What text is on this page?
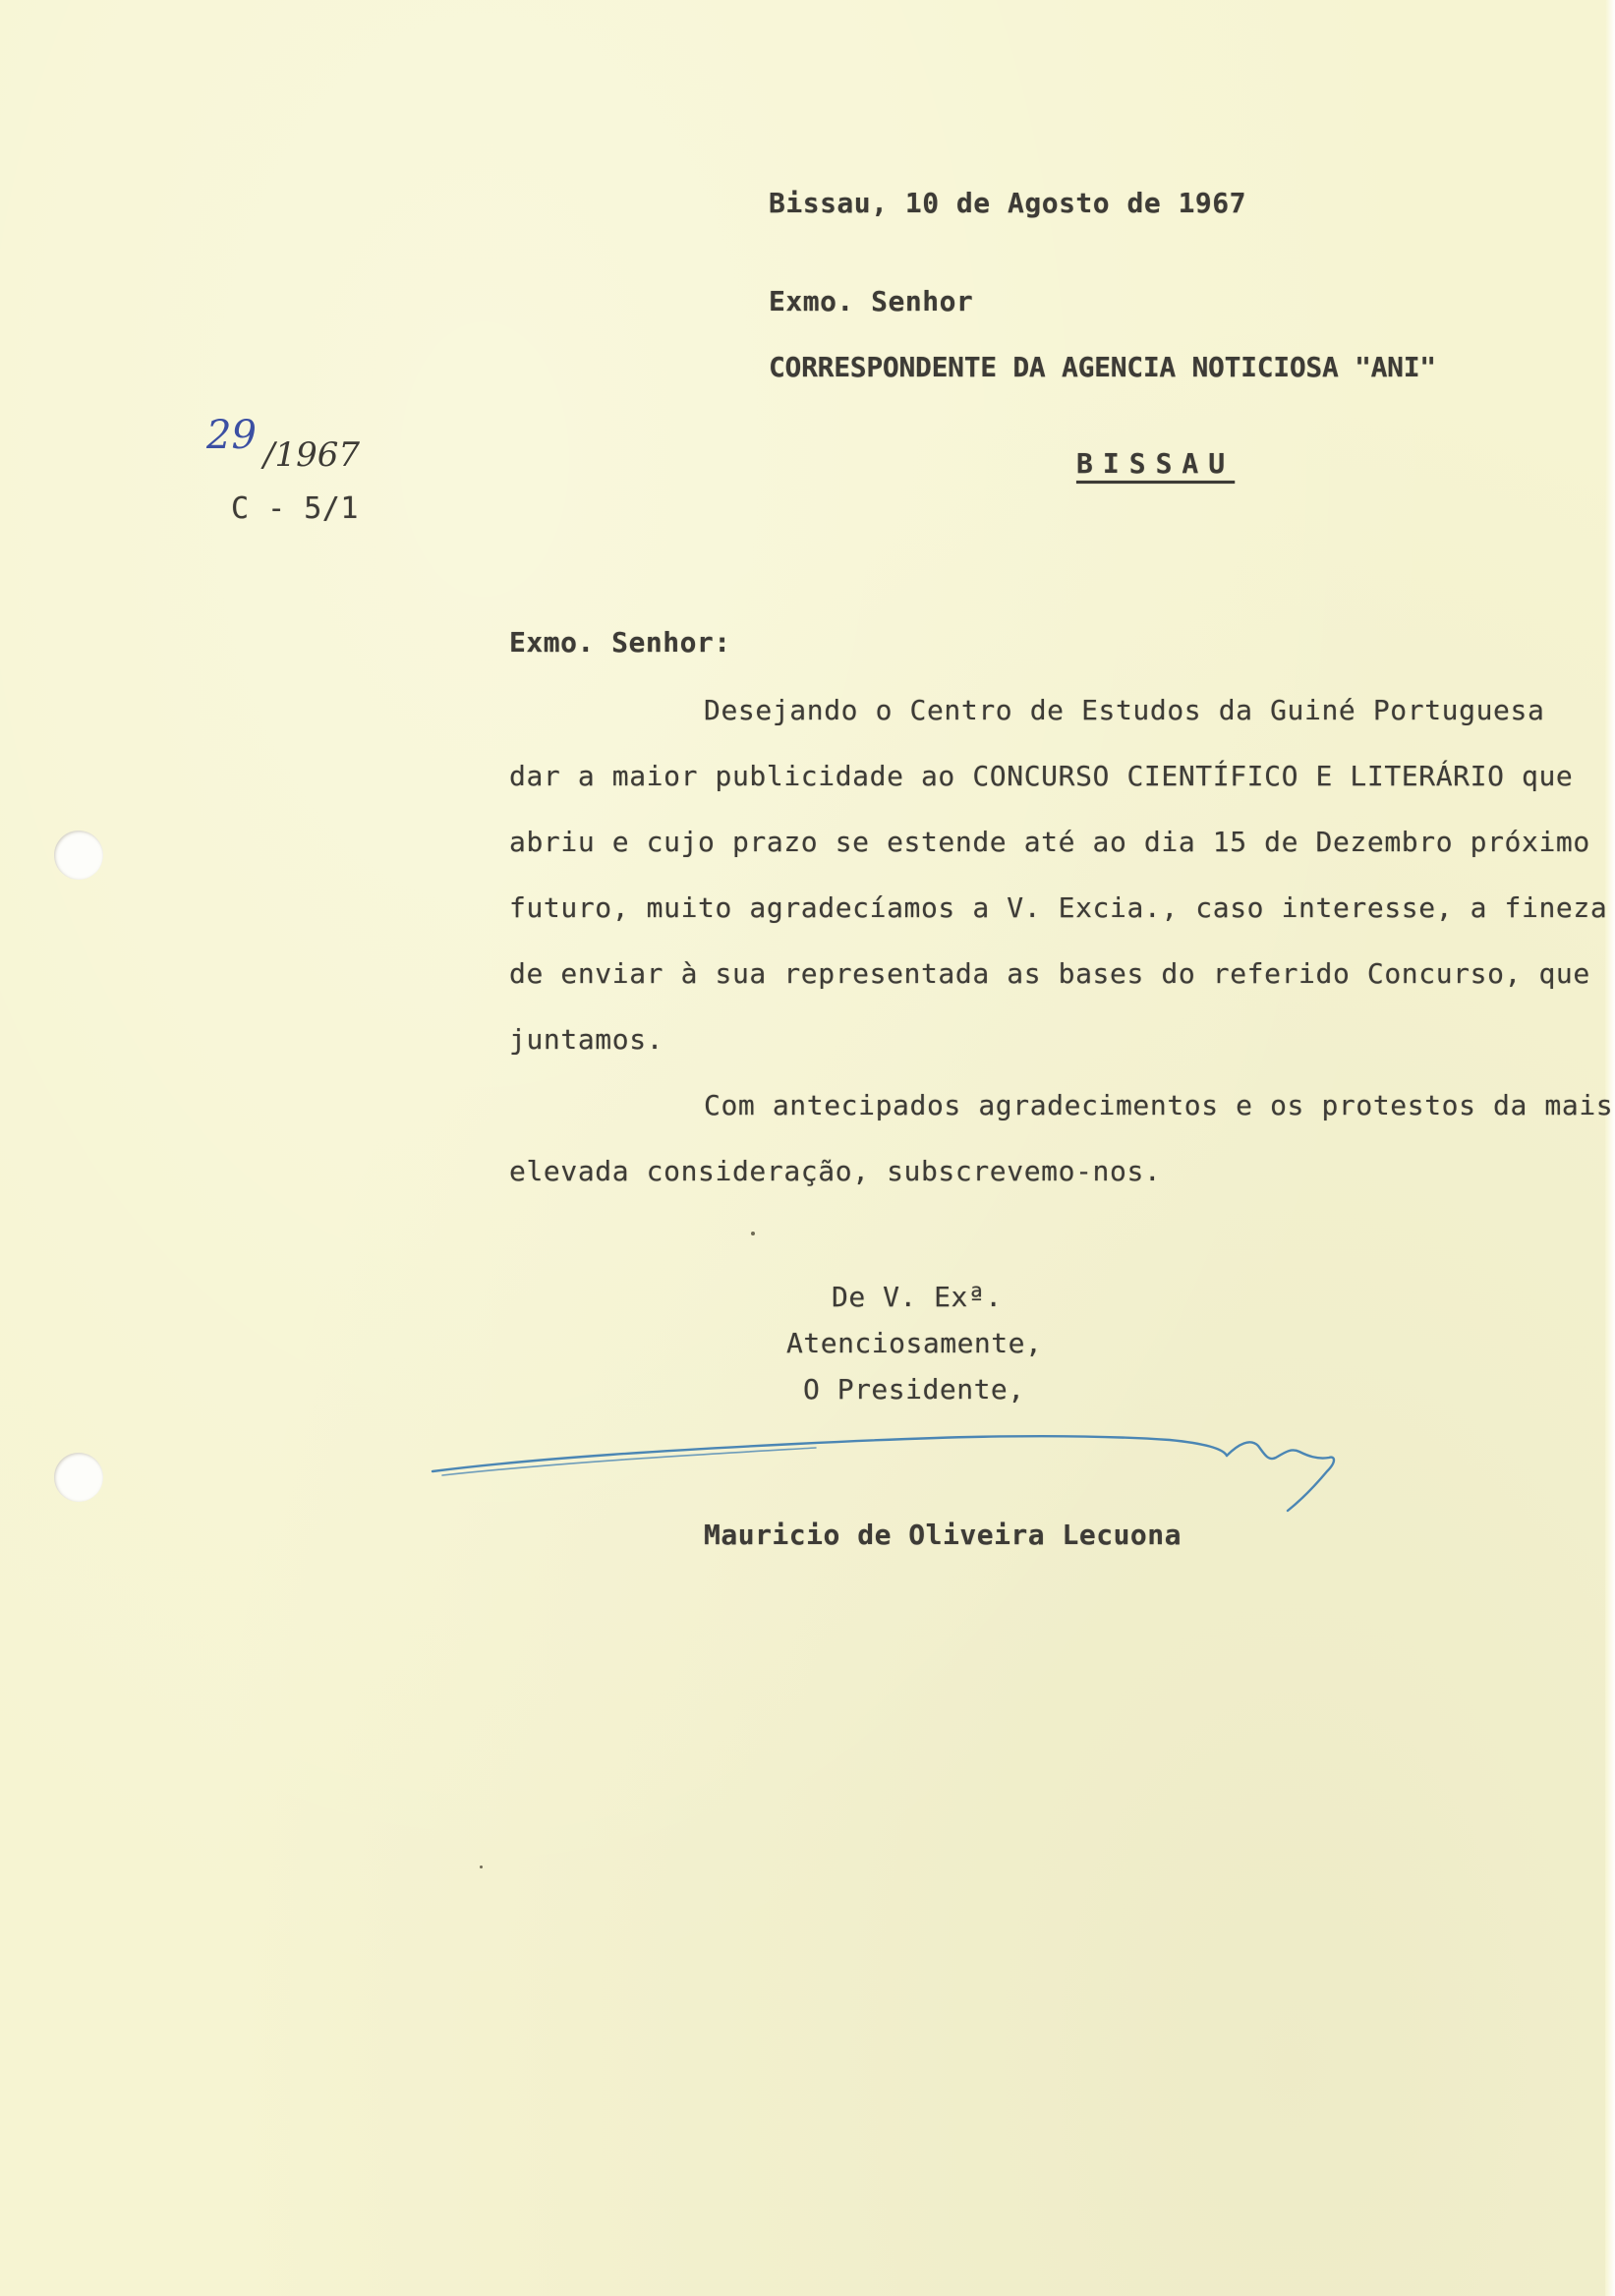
Bissau, 10 de Agosto de 1967
Exmo. Senhor
CORRESPONDENTE DA AGENCIA NOTICIOSA "ANI"
BISSAU
29 /1967
C - 5/1
Exmo. Senhor:
Desejando o Centro de Estudos da Guiné Portuguesa
dar a maior publicidade ao CONCURSO CIENTÍFICO E LITERÁRIO que
abriu e cujo prazo se estende até ao dia 15 de Dezembro próximo
futuro, muito agradecíamos a V. Excia., caso interesse, a fineza
de enviar à sua representada as bases do referido Concurso, que
juntamos.
Com antecipados agradecimentos e os protestos da mais
elevada consideração, subscrevemo-nos.
De V. Exª.
Atenciosamente,
O Presidente,
Mauricio de Oliveira Lecuona
